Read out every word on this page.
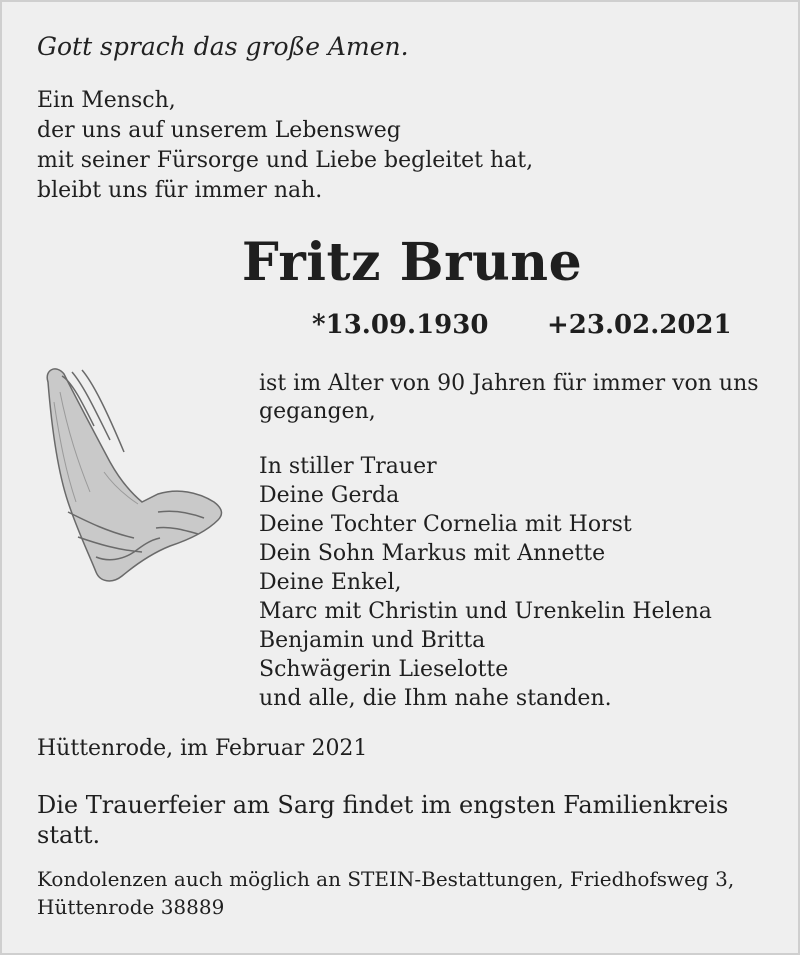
Gott sprach das große Amen.
Ein Mensch,
der uns auf unserem Lebensweg
mit seiner Fürsorge und Liebe begleitet hat,
bleibt uns für immer nah.
Fritz Brune
*13.09.1930 +23.02.2021
ist im Alter von 90 Jahren für immer von uns gegangen,
In stiller Trauer
Deine Gerda
Deine Tochter Cornelia mit Horst
Dein Sohn Markus mit Annette
Deine Enkel,
Marc mit Christin und Urenkelin Helena
Benjamin und Britta
Schwägerin Lieselotte
und alle, die Ihm nahe standen.
Hüttenrode, im Februar 2021
Die Trauerfeier am Sarg findet im engsten Familienkreis statt.
Kondolenzen auch möglich an STEIN-Bestattungen, Friedhofsweg 3, Hüttenrode 38889
